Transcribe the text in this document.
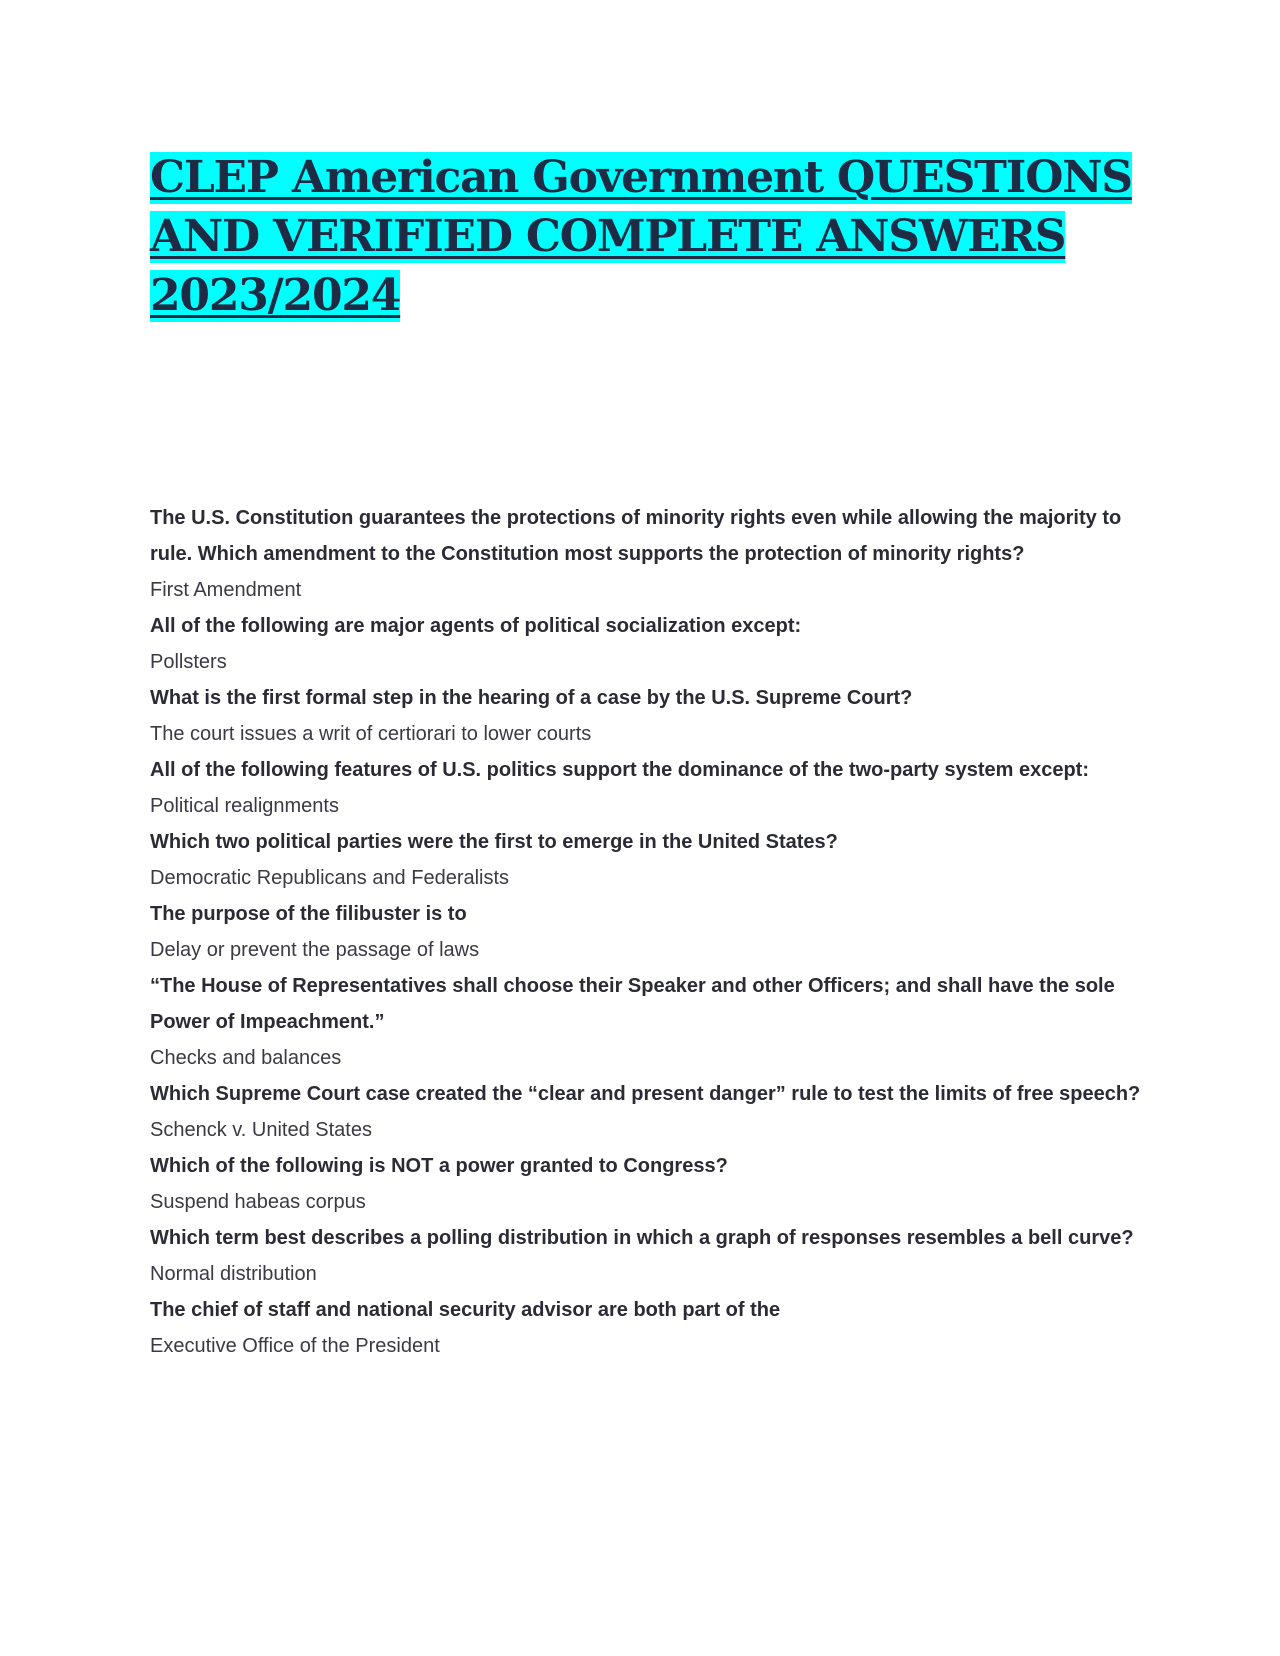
CLEP American Government QUESTIONS
AND VERIFIED COMPLETE ANSWERS
2023/2024
The U.S. Constitution guarantees the protections of minority rights even while allowing the majority to rule. Which amendment to the Constitution most supports the protection of minority rights?
First Amendment
All of the following are major agents of political socialization except:
Pollsters
What is the first formal step in the hearing of a case by the U.S. Supreme Court?
The court issues a writ of certiorari to lower courts
All of the following features of U.S. politics support the dominance of the two-party system except:
Political realignments
Which two political parties were the first to emerge in the United States?
Democratic Republicans and Federalists
The purpose of the filibuster is to
Delay or prevent the passage of laws
“The House of Representatives shall choose their Speaker and other Officers; and shall have the sole Power of Impeachment.”
Checks and balances
Which Supreme Court case created the “clear and present danger” rule to test the limits of free speech?
Schenck v. United States
Which of the following is NOT a power granted to Congress?
Suspend habeas corpus
Which term best describes a polling distribution in which a graph of responses resembles a bell curve?
Normal distribution
The chief of staff and national security advisor are both part of the
Executive Office of the President
